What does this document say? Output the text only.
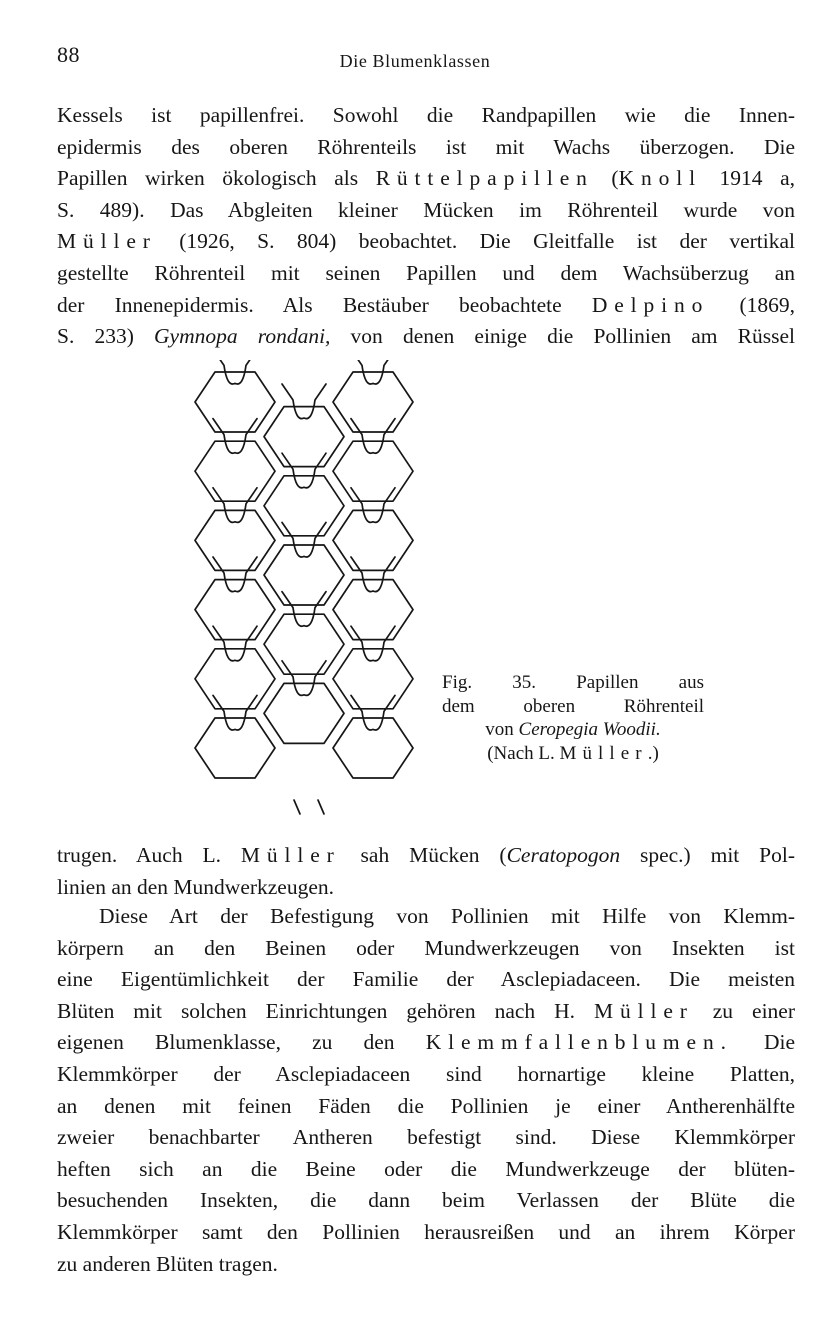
88	Die Blumenklassen

Kessels ist papillenfrei. Sowohl die Randpapillen wie die Innen-
epidermis des oberen Röhrenteils ist mit Wachs überzogen. Die
Papillen wirken ökologisch als Rüttelpapillen (Knoll 1914 a,
S. 489). Das Abgleiten kleiner Mücken im Röhrenteil wurde von
Müller (1926, S. 804) beobachtet. Die Gleitfalle ist der vertikal
gestellte Röhrenteil mit seinen Papillen und dem Wachsüberzug an
der Innenepidermis. Als Bestäuber beobachtete Delpino (1869,
S. 233) Gymnopa rondani, von denen einige die Pollinien am Rüssel

Fig. 35. Papillen aus
dem oberen Röhrenteil
von Ceropegia Woodii.
(Nach L. Müller.)

trugen. Auch L. Müller sah Mücken (Ceratopogon spec.) mit Pol-
linien an den Mundwerkzeugen.

Diese Art der Befestigung von Pollinien mit Hilfe von Klemm-
körpern an den Beinen oder Mundwerkzeugen von Insekten ist
eine Eigentümlichkeit der Familie der Asclepiadaceen. Die meisten
Blüten mit solchen Einrichtungen gehören nach H. Müller zu einer
eigenen Blumenklasse, zu den Klemmfallenblumen. Die
Klemmkörper der Asclepiadaceen sind hornartige kleine Platten,
an denen mit feinen Fäden die Pollinien je einer Antherenhälfte
zweier benachbarter Antheren befestigt sind. Diese Klemmkörper
heften sich an die Beine oder die Mundwerkzeuge der blüten-
besuchenden Insekten, die dann beim Verlassen der Blüte die
Klemmkörper samt den Pollinien herausreißen und an ihrem Körper
zu anderen Blüten tragen.
